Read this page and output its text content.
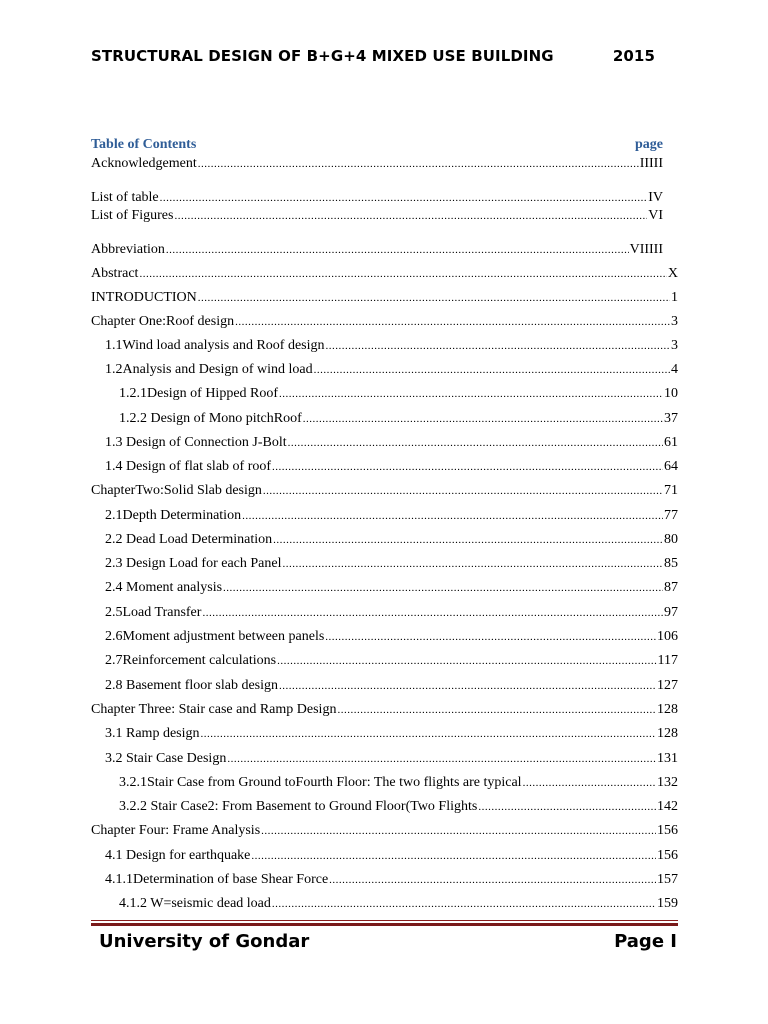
STRUCTURAL DESIGN OF B+G+4 MIXED USE BUILDING	2015
Table of Contents	page
Acknowledgement .....	IIIII
List of table .....	IV
List of Figures .....	VI
Abbreviation .....	VIIIII
Abstract .....	X
INTRODUCTION .....	1
Chapter One:Roof design .....	3
1.1Wind load analysis and Roof design .....	3
1.2Analysis and Design of wind load .....	4
1.2.1Design of Hipped Roof .....	10
1.2.2 Design of Mono pitchRoof .....	37
1.3 Design of Connection J-Bolt .....	61
1.4 Design of flat slab of roof .....	64
ChapterTwo:Solid Slab design .....	71
2.1Depth Determination .....	77
2.2 Dead Load Determination .....	80
2.3 Design Load for each Panel .....	85
2.4 Moment analysis .....	87
2.5Load Transfer .....	97
2.6Moment adjustment between panels .....	106
2.7Reinforcement calculations .....	117
2.8 Basement floor slab design .....	127
Chapter Three: Stair case and Ramp Design .....	128
3.1 Ramp design .....	128
3.2 Stair Case Design .....	131
3.2.1Stair Case from Ground toFourth Floor: The two flights are typical .....	132
3.2.2 Stair Case2: From Basement to Ground Floor(Two Flights .....	142
Chapter Four: Frame Analysis .....	156
4.1 Design for earthquake .....	156
4.1.1Determination of base Shear Force .....	157
4.1.2 W=seismic dead load .....	159
University of Gondar	Page I
